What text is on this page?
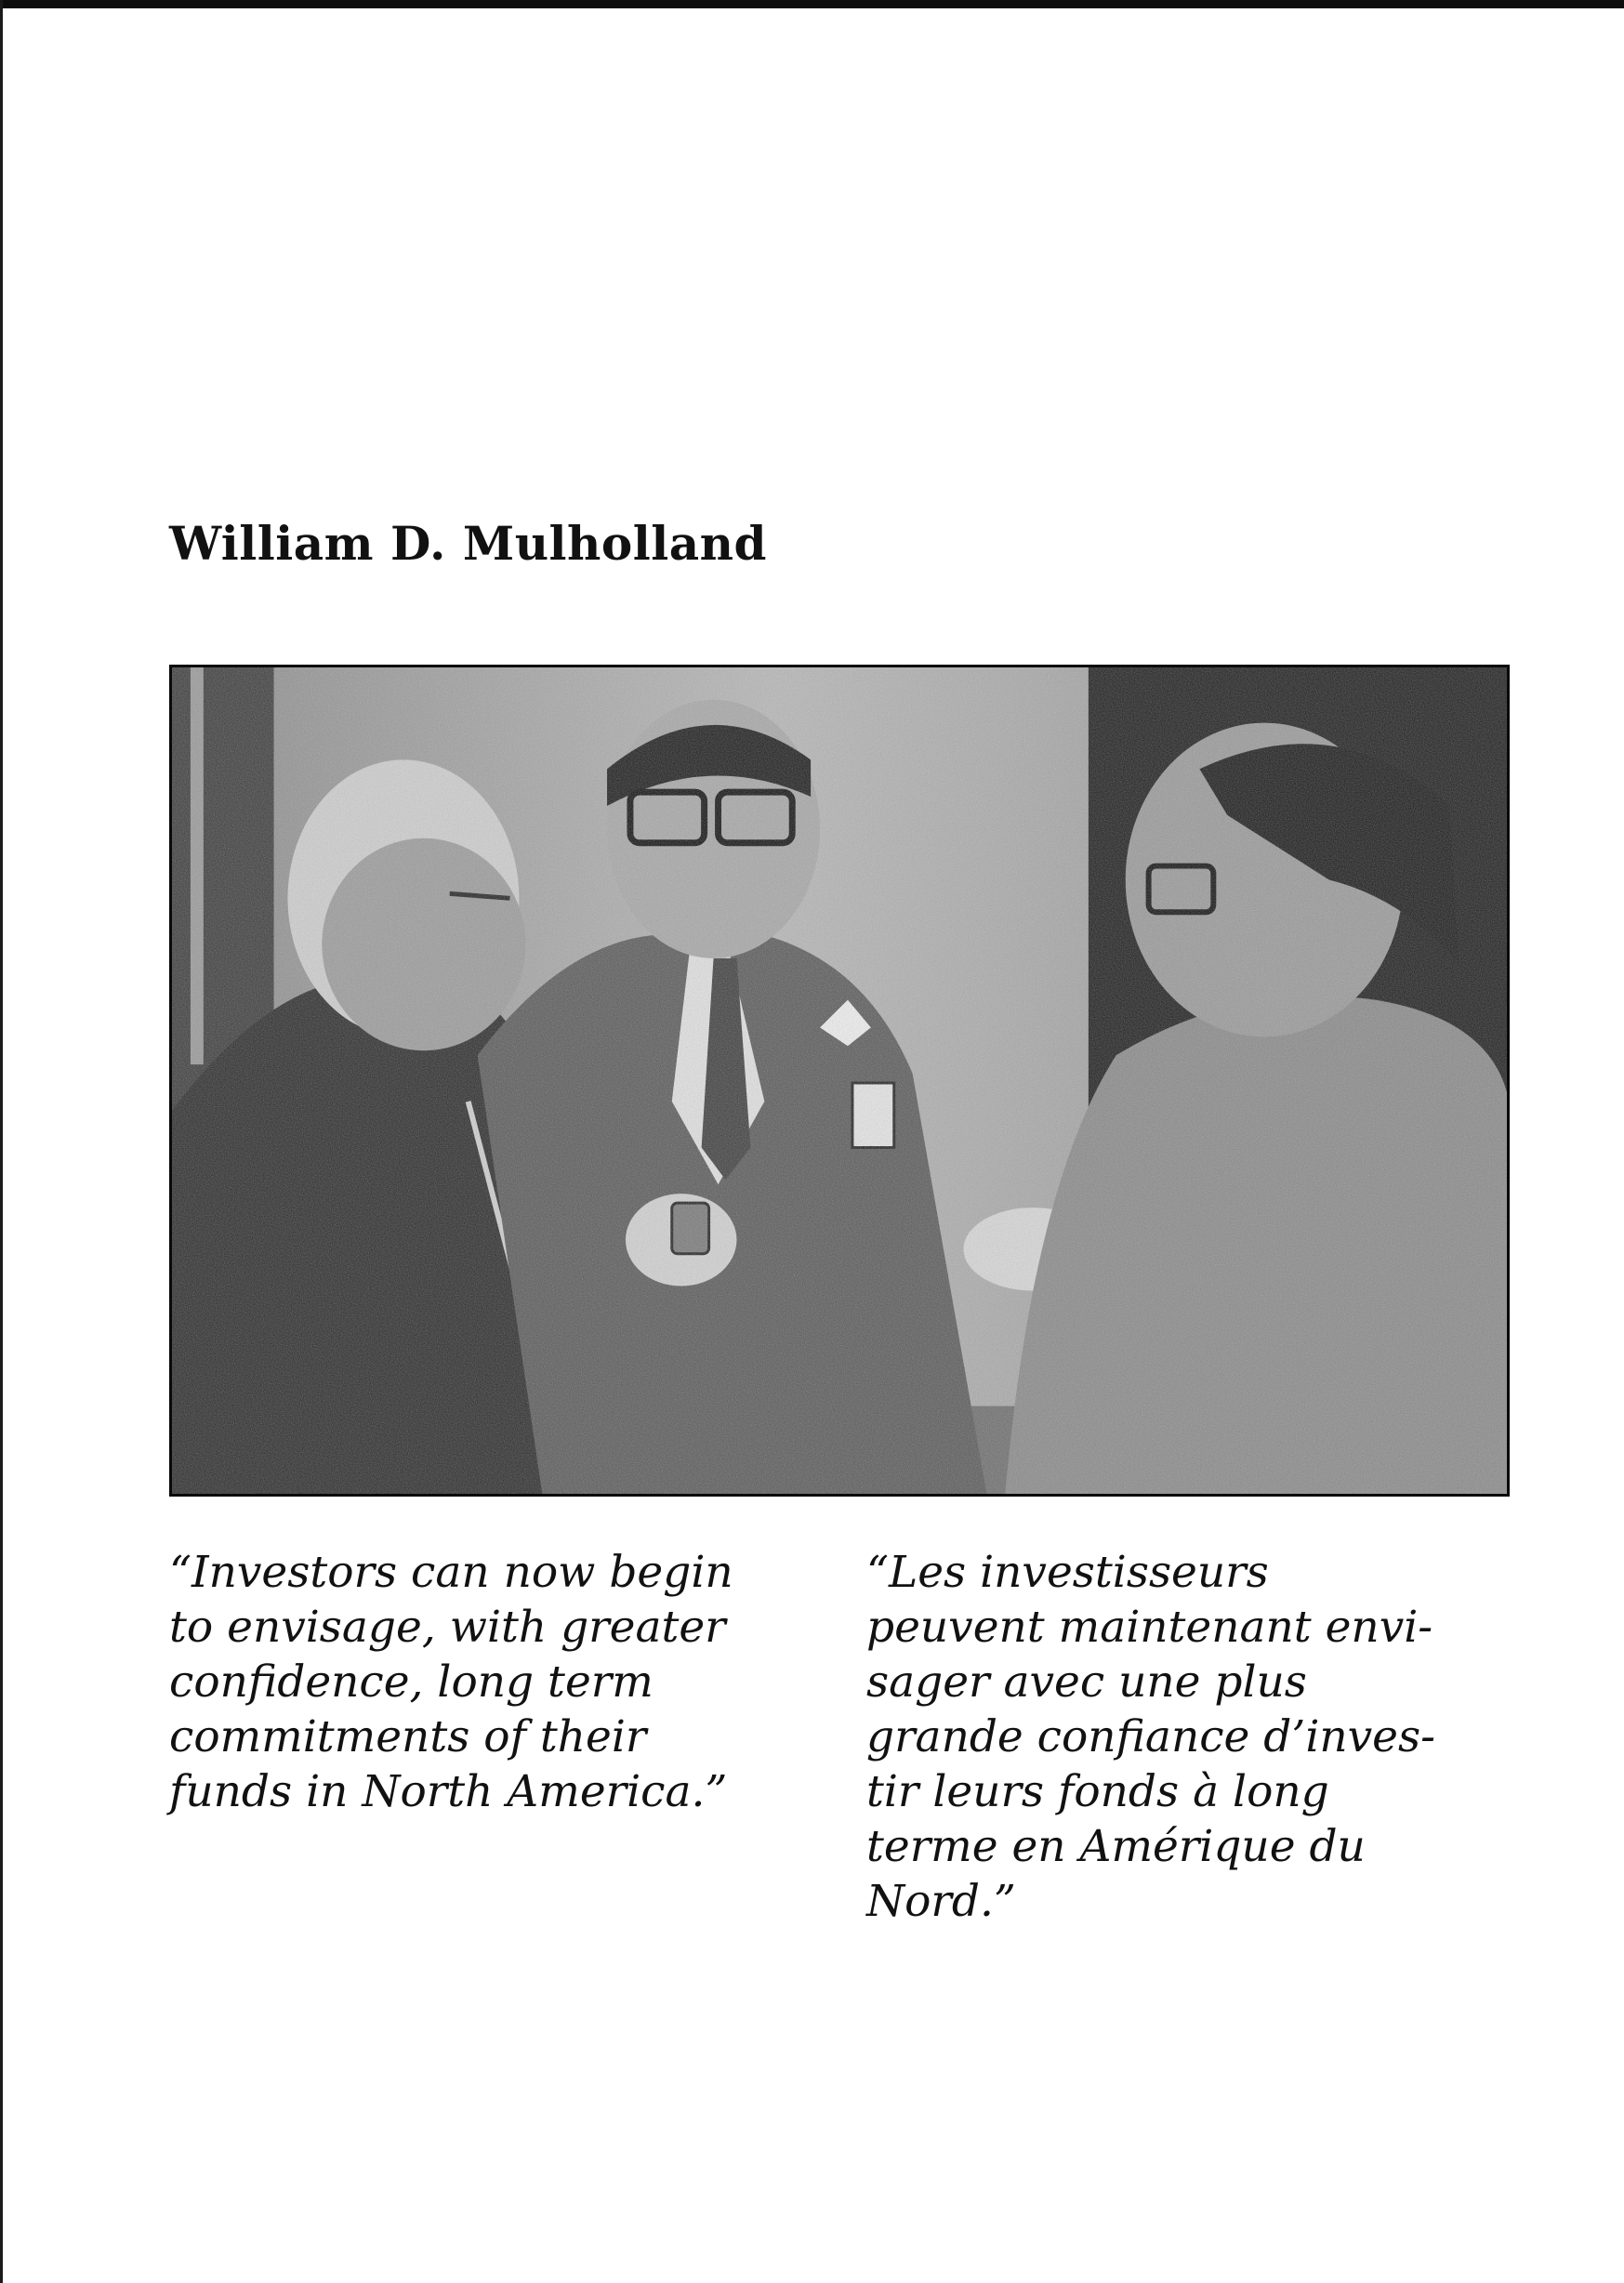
William D. Mulholland

“Investors can now begin
to envisage, with greater
confidence, long term
commitments of their
funds in North America.”

“Les investisseurs
peuvent maintenant envi-
sager avec une plus
grande confiance d’inves-
tir leurs fonds à long
terme en Amérique du
Nord.”
